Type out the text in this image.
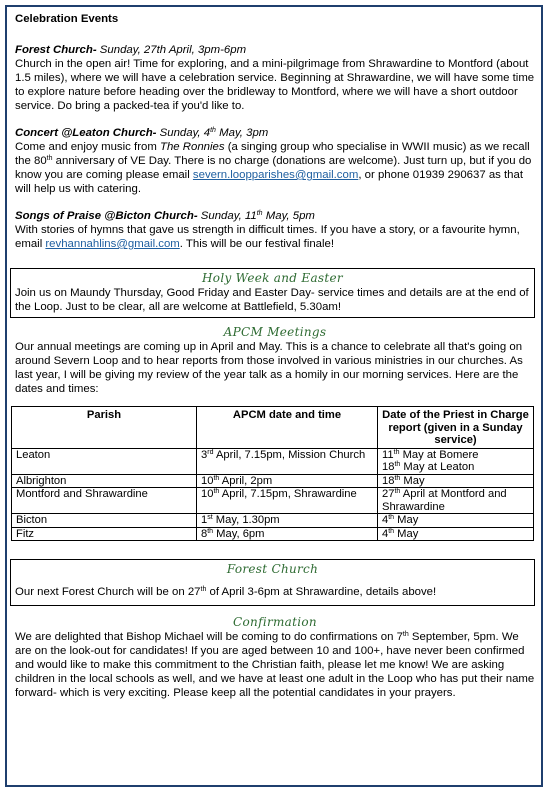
Celebration Events

Forest Church- Sunday, 27th April, 3pm-6pm
Church in the open air! Time for exploring, and a mini-pilgrimage from Shrawardine to Montford (about 1.5 miles), where we will have a celebration service. Beginning at Shrawardine, we will have some time to explore nature before heading over the bridleway to Montford, where we will have a short outdoor service. Do bring a packed-tea if you'd like to.

Concert @Leaton Church- Sunday, 4th May, 3pm
Come and enjoy music from The Ronnies (a singing group who specialise in WWII music) as we recall the 80th anniversary of VE Day. There is no charge (donations are welcome). Just turn up, but if you do know you are coming please email severn.loopparishes@gmail.com, or phone 01939 290637 as that will help us with catering.

Songs of Praise @Bicton Church- Sunday, 11th May, 5pm
With stories of hymns that gave us strength in difficult times. If you have a story, or a favourite hymn, email revhannahlins@gmail.com. This will be our festival finale!

Holy Week and Easter

Join us on Maundy Thursday, Good Friday and Easter Day- service times and details are at the end of the Loop. Just to be clear, all are welcome at Battlefield, 5.30am!

APCM Meetings

Our annual meetings are coming up in April and May. This is a chance to celebrate all that's going on around Severn Loop and to hear reports from those involved in various ministries in our churches. As last year, I will be giving my review of the year talk as a homily in our morning services. Here are the dates and times:

Parish	APCM date and time	Date of the Priest in Charge report (given in a Sunday service)
Leaton	3rd April, 7.15pm, Mission Church	11th May at Bomere
18th May at Leaton
Albrighton	10th April, 2pm	18th May
Montford and Shrawardine	10th April, 7.15pm, Shrawardine	27th April at Montford and Shrawardine
Bicton	1st May, 1.30pm	4th May
Fitz	8th May, 6pm	4th May

Forest Church

Our next Forest Church will be on 27th of April 3-6pm at Shrawardine, details above!

Confirmation

We are delighted that Bishop Michael will be coming to do confirmations on 7th September, 5pm. We are on the look-out for candidates! If you are aged between 10 and 100+, have never been confirmed and would like to make this commitment to the Christian faith, please let me know! We are asking children in the local schools as well, and we have at least one adult in the Loop who has put their name forward- which is very exciting. Please keep all the potential candidates in your prayers.
